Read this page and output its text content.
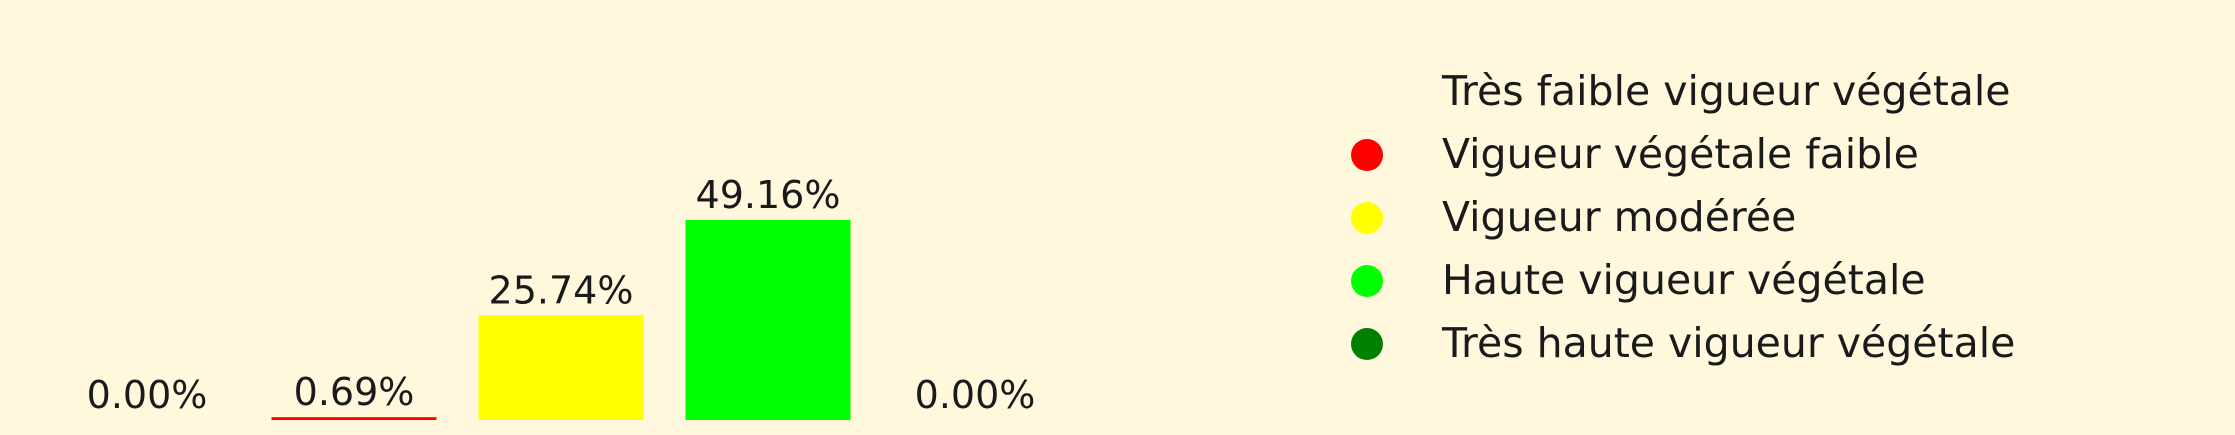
0.00% 0.69%
25.74%
49.16%
0.00%
Très faible vigueur végétale
Vigueur végétale faible
Vigueur modérée
Haute vigueur végétale
Très haute vigueur végétale
